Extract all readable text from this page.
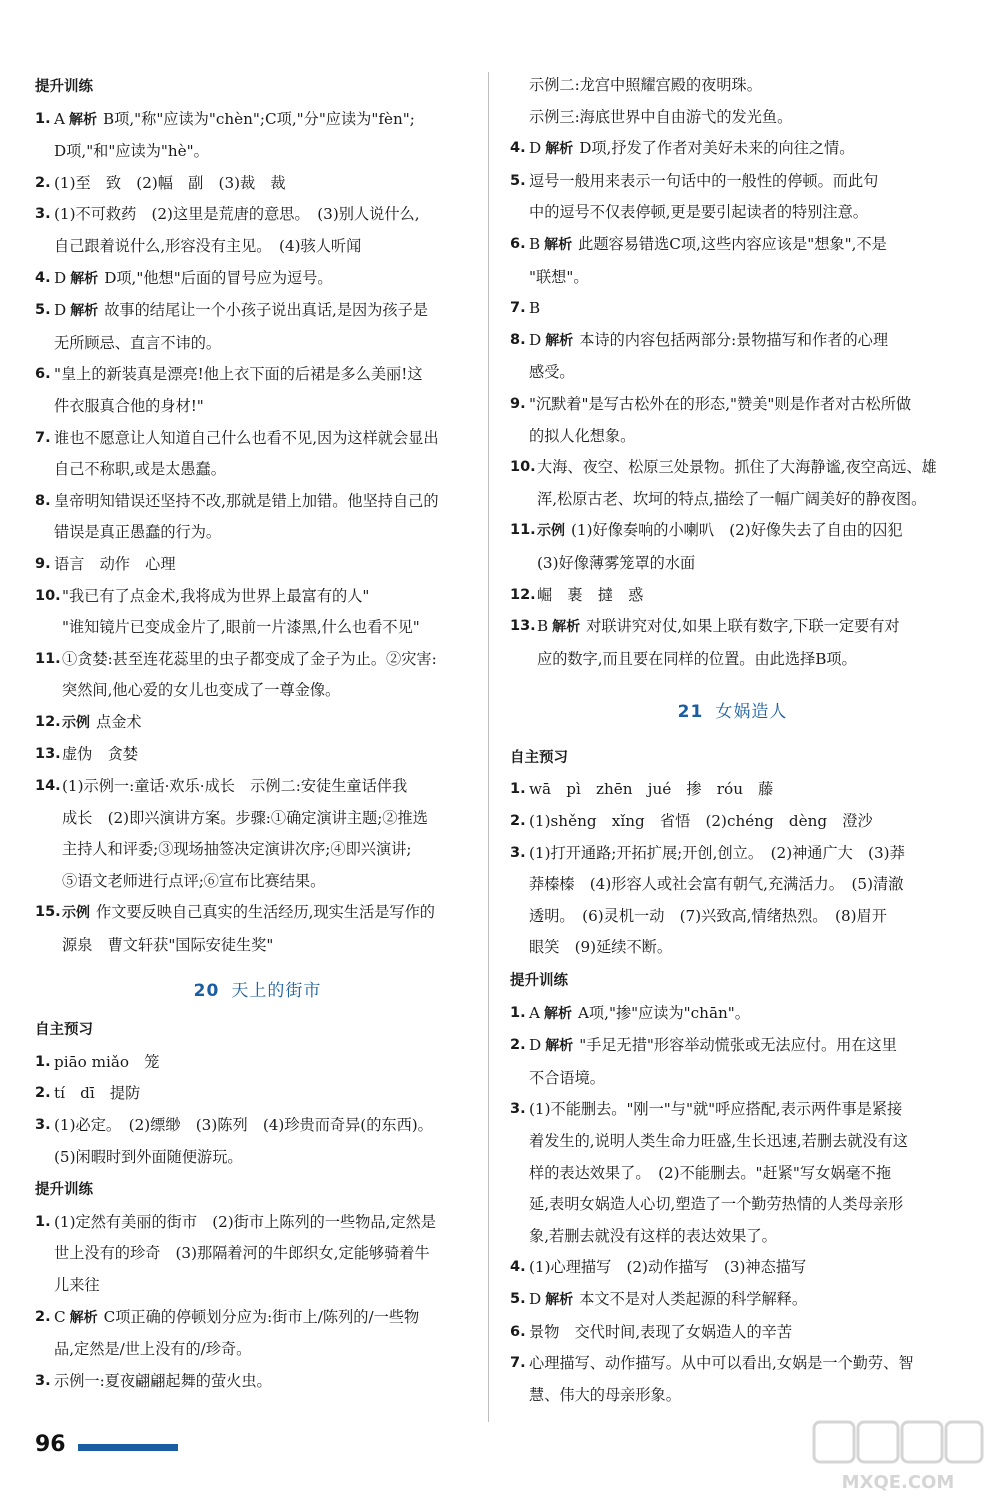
提升训练
1. A 解析 B项,"称"应读为"chèn";C项,"分"应读为"fèn";
D项,"和"应读为"hè"。
2. (1)至　致　(2)幅　副　(3)裁　裁
3. (1)不可救药　(2)这里是荒唐的意思。　(3)别人说什么,
自己跟着说什么,形容没有主见。　(4)骇人听闻
4. D 解析 D项,"他想"后面的冒号应为逗号。
5. D 解析 故事的结尾让一个小孩子说出真话,是因为孩子是
无所顾忌、直言不讳的。
6. "皇上的新装真是漂亮!他上衣下面的后裙是多么美丽!这
件衣服真合他的身材!"
7. 谁也不愿意让人知道自己什么也看不见,因为这样就会显出
自己不称职,或是太愚蠢。
8. 皇帝明知错误还坚持不改,那就是错上加错。他坚持自己的
错误是真正愚蠢的行为。
9. 语言　动作　心理
10. "我已有了点金术,我将成为世界上最富有的人"
"谁知镜片已变成金片了,眼前一片漆黑,什么也看不见"
11. ①贪婪:甚至连花蕊里的虫子都变成了金子为止。②灾害:
突然间,他心爱的女儿也变成了一尊金像。
12. 示例 点金术
13. 虚伪　贪婪
14. (1)示例一:童话·欢乐·成长　示例二:安徒生童话伴我
成长　(2)即兴演讲方案。步骤:①确定演讲主题;②推选
主持人和评委;③现场抽签决定演讲次序;④即兴演讲;
⑤语文老师进行点评;⑥宣布比赛结果。
15. 示例 作文要反映自己真实的生活经历,现实生活是写作的
源泉　曹文轩获"国际安徒生奖"
20 天上的街市
自主预习
1. piāo miǎo　笼
2. tí　dī　提防
3. (1)必定。　(2)缥缈　(3)陈列　(4)珍贵而奇异(的东西)。
(5)闲暇时到外面随便游玩。
提升训练
1. (1)定然有美丽的街市　(2)街市上陈列的一些物品,定然是
世上没有的珍奇　(3)那隔着河的牛郎织女,定能够骑着牛
儿来往
2. C 解析 C项正确的停顿划分应为:街市上/陈列的/一些物
品,定然是/世上没有的/珍奇。
3. 示例一:夏夜翩翩起舞的萤火虫。
示例二:龙宫中照耀宫殿的夜明珠。
示例三:海底世界中自由游弋的发光鱼。
4. D 解析 D项,抒发了作者对美好未来的向往之情。
5. 逗号一般用来表示一句话中的一般性的停顿。而此句
中的逗号不仅表停顿,更是要引起读者的特别注意。
6. B 解析 此题容易错选C项,这些内容应该是"想象",不是
"联想"。
7. B
8. D 解析 本诗的内容包括两部分:景物描写和作者的心理
感受。
9. "沉默着"是写古松外在的形态,"赞美"则是作者对古松所做
的拟人化想象。
10. 大海、夜空、松原三处景物。抓住了大海静谧,夜空高远、雄
浑,松原古老、坎坷的特点,描绘了一幅广阔美好的静夜图。
11. 示例 (1)好像奏响的小喇叭　(2)好像失去了自由的囚犯
(3)好像薄雾笼罩的水面
12. 崛　裹　撻　惑
13. B 解析 对联讲究对仗,如果上联有数字,下联一定要有对
应的数字,而且要在同样的位置。由此选择B项。
21 女娲造人
自主预习
1. wā　pì　zhēn　jué　掺　róu　藤
2. (1)shěng　xǐng　省悟　(2)chéng　dèng　澄沙
3. (1)打开通路;开拓扩展;开创,创立。　(2)神通广大　(3)莽
莽榛榛　(4)形容人或社会富有朝气,充满活力。　(5)清澈
透明。　(6)灵机一动　(7)兴致高,情绪热烈。　(8)眉开
眼笑　(9)延续不断。
提升训练
1. A 解析 A项,"掺"应读为"chān"。
2. D 解析 "手足无措"形容举动慌张或无法应付。用在这里
不合语境。
3. (1)不能删去。"刚一"与"就"呼应搭配,表示两件事是紧接
着发生的,说明人类生命力旺盛,生长迅速,若删去就没有这
样的表达效果了。　(2)不能删去。"赶紧"写女娲毫不拖
延,表明女娲造人心切,塑造了一个勤劳热情的人类母亲形
象,若删去就没有这样的表达效果了。
4. (1)心理描写　(2)动作描写　(3)神态描写
5. D 解析 本文不是对人类起源的科学解释。
6. 景物　交代时间,表现了女娲造人的辛苦
7. 心理描写、动作描写。从中可以看出,女娲是一个勤劳、智
慧、伟大的母亲形象。
96
MXQE.COM
